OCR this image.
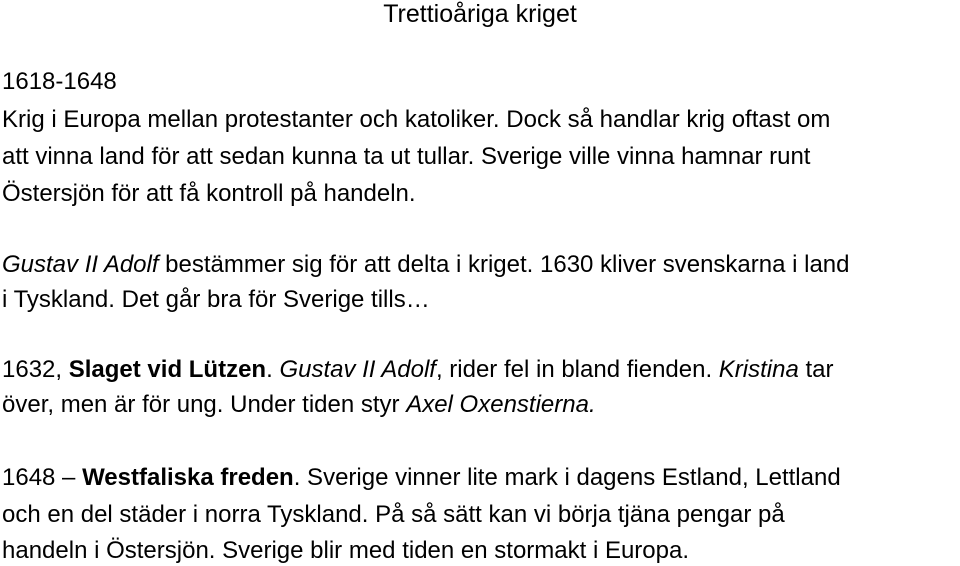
Trettioåriga kriget
1618-1648
Krig i Europa mellan protestanter och katoliker. Dock så handlar krig oftast om
att vinna land för att sedan kunna ta ut tullar. Sverige ville vinna hamnar runt
Östersjön för att få kontroll på handeln.
Gustav II Adolf bestämmer sig för att delta i kriget. 1630 kliver svenskarna i land
i Tyskland. Det går bra för Sverige tills…
1632, Slaget vid Lützen. Gustav II Adolf, rider fel in bland fienden. Kristina tar
över, men är för ung. Under tiden styr Axel Oxenstierna.
1648 – Westfaliska freden. Sverige vinner lite mark i dagens Estland, Lettland
och en del städer i norra Tyskland. På så sätt kan vi börja tjäna pengar på
handeln i Östersjön. Sverige blir med tiden en stormakt i Europa.
